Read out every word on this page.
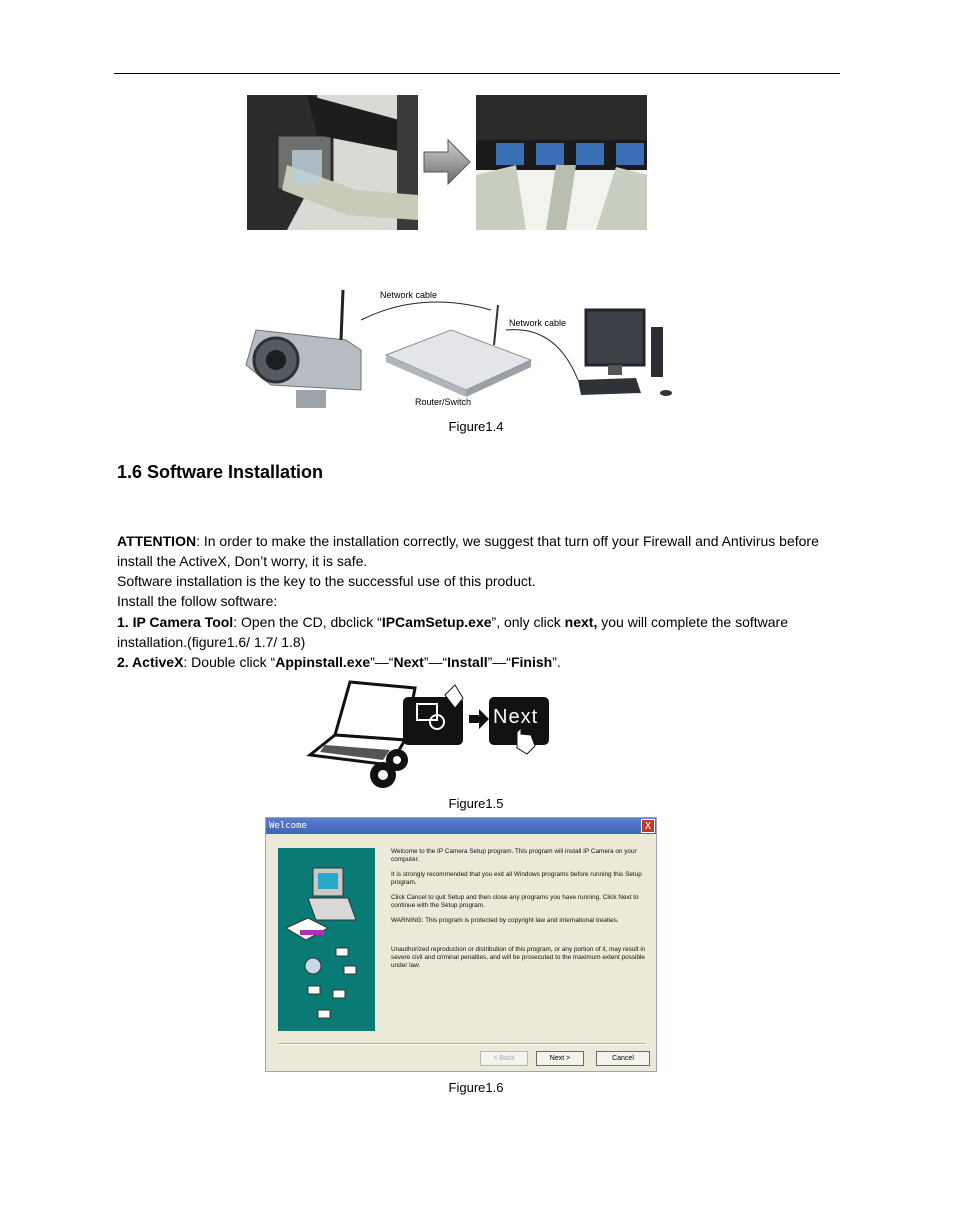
Network cable
Network cable
Router/Switch
Figure1.4
1.6 Software Installation
ATTENTION: In order to make the installation correctly, we suggest that turn off your Firewall and Antivirus before install the ActiveX, Don’t worry, it is safe.
Software installation is the key to the successful use of this product.
Install the follow software:
1. IP Camera Tool: Open the CD, dbclick “IPCamSetup.exe”, only click next, you will complete the software installation.(figure1.6/ 1.7/ 1.8)
2. ActiveX: Double click “Appinstall.exe”—“Next”—“Install”—“Finish”.
Next
Figure1.5
Welcome	X

Welcome to the IP Camera Setup program. This program will install IP Camera on your computer.

It is strongly recommended that you exit all Windows programs before running this Setup program.

Click Cancel to quit Setup and then close any programs you have running. Click Next to continue with the Setup program.

WARNING: This program is protected by copyright law and international treaties.

Unauthorized reproduction or distribution of this program, or any portion of it, may result in severe civil and criminal penalties, and will be prosecuted to the maximum extent possible under law.

< Back	Next >	Cancel
Figure1.6
